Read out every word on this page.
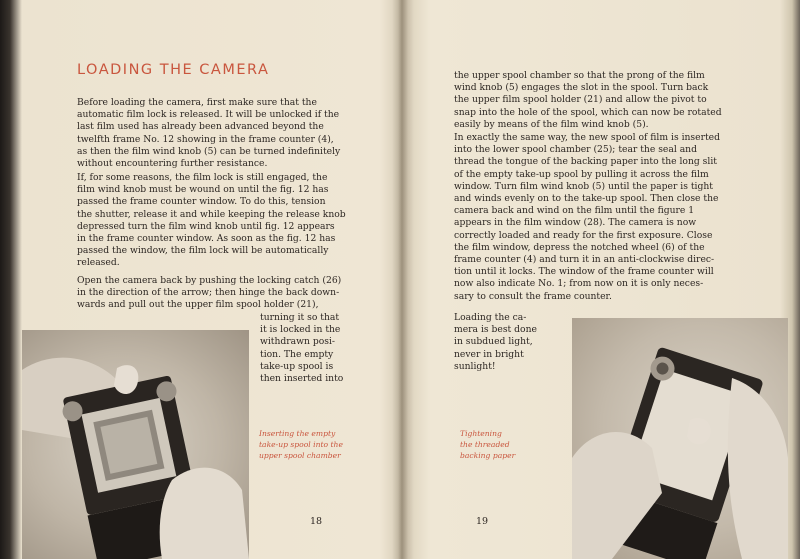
LOADING THE CAMERA
Before loading the camera, first make sure that the
automatic film lock is released. It will be unlocked if the
last film used has already been advanced beyond the
twelfth frame No. 12 showing in the frame counter (4),
as then the film wind knob (5) can be turned indefinitely
without encountering further resistance.
If, for some reasons, the film lock is still engaged, the
film wind knob must be wound on until the fig. 12 has
passed the frame counter window. To do this, tension
the shutter, release it and while keeping the release knob
depressed turn the film wind knob until fig. 12 appears
in the frame counter window. As soon as the fig. 12 has
passed the window, the film lock will be automatically
released.
Open the camera back by pushing the locking catch (26)
in the direction of the arrow; then hinge the back down-
wards and pull out the upper film spool holder (21),
turning it so that
it is locked in the
withdrawn posi-
tion. The empty
take-up spool is
then inserted into
Inserting the empty
take-up spool into the
upper spool chamber
18
the upper spool chamber so that the prong of the film
wind knob (5) engages the slot in the spool. Turn back
the upper film spool holder (21) and allow the pivot to
snap into the hole of the spool, which can now be rotated
easily by means of the film wind knob (5).
In exactly the same way, the new spool of film is inserted
into the lower spool chamber (25); tear the seal and
thread the tongue of the backing paper into the long slit
of the empty take-up spool by pulling it across the film
window. Turn film wind knob (5) until the paper is tight
and winds evenly on to the take-up spool. Then close the
camera back and wind on the film until the figure 1
appears in the film window (28). The camera is now
correctly loaded and ready for the first exposure. Close
the film window, depress the notched wheel (6) of the
frame counter (4) and turn it in an anti-clockwise direc-
tion until it locks. The window of the frame counter will
now also indicate No. 1; from now on it is only neces-
sary to consult the frame counter.
Loading the ca-
mera is best done
in subdued light,
never in bright
sunlight!
Tightening
the threaded
backing paper
19
